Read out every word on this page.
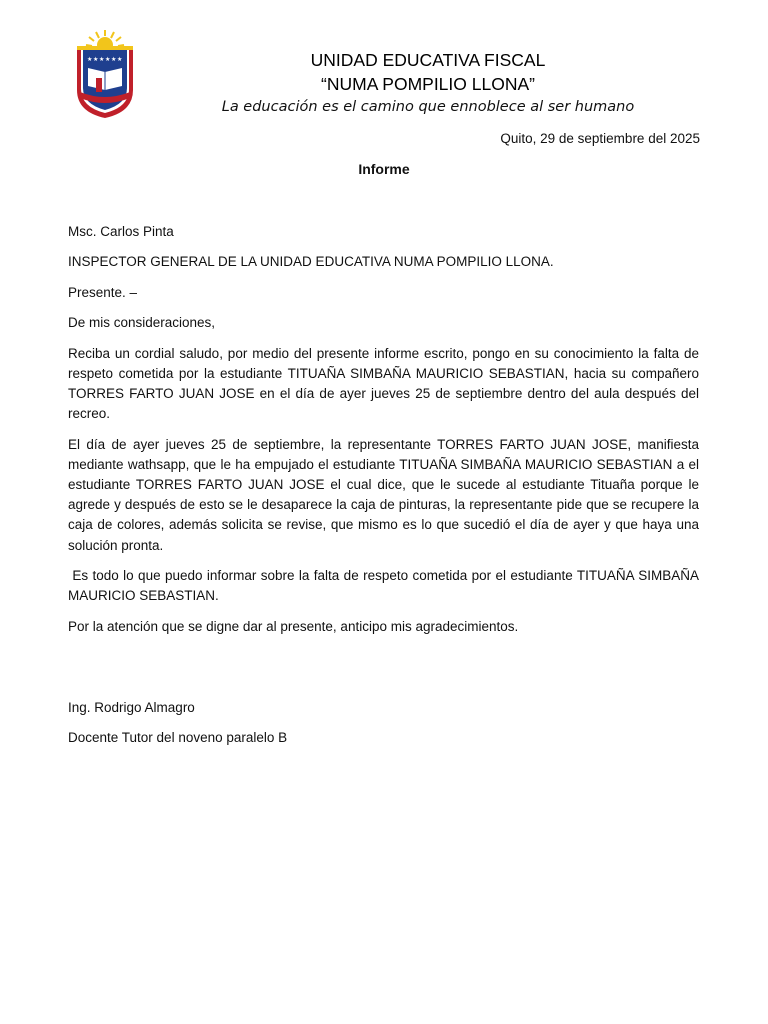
★ ★ ★ ★ ★ ★	UNIDAD EDUCATIVA FISCAL
“NUMA POMPILIO LLONA”
La educación es el camino que ennoblece al ser humano
Quito, 29 de septiembre del 2025
Informe

Msc. Carlos Pinta

INSPECTOR GENERAL DE LA UNIDAD EDUCATIVA NUMA POMPILIO LLONA.

Presente. –

De mis consideraciones,

Reciba un cordial saludo, por medio del presente informe escrito, pongo en su conocimiento la falta de respeto cometida por la estudiante TITUAÑA SIMBAÑA MAURICIO SEBASTIAN, hacia su compañero TORRES FARTO JUAN JOSE en el día de ayer jueves 25 de septiembre dentro del aula después del recreo.

El día de ayer jueves 25 de septiembre, la representante TORRES FARTO JUAN JOSE, manifiesta mediante wathsapp, que le ha empujado el estudiante TITUAÑA SIMBAÑA MAURICIO SEBASTIAN a el estudiante TORRES FARTO JUAN JOSE el cual dice, que le sucede al estudiante Tituaña porque le agrede y después de esto se le desaparece la caja de pinturas, la representante pide que se recupere la caja de colores, además solicita se revise, que mismo es lo que sucedió el día de ayer y que haya una solución pronta.

Es todo lo que puedo informar sobre la falta de respeto cometida por el estudiante TITUAÑA SIMBAÑA MAURICIO SEBASTIAN.

Por la atención que se digne dar al presente, anticipo mis agradecimientos.

Ing. Rodrigo Almagro

Docente Tutor del noveno paralelo B
